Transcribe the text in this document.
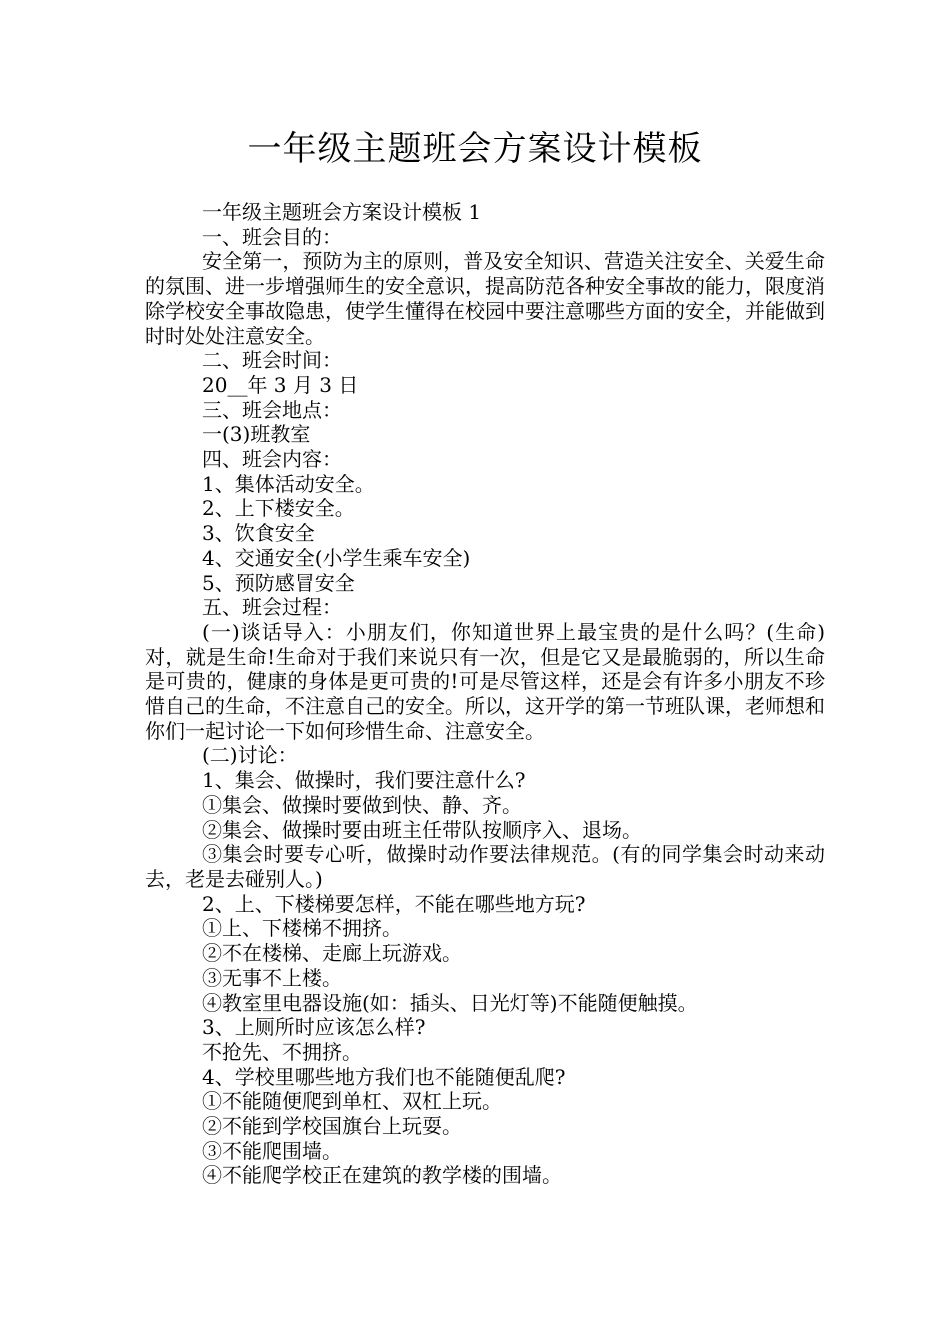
一年级主题班会方案设计模板

一年级主题班会方案设计模板 1

一、班会目的：

安全第一，预防为主的原则，普及安全知识、营造关注安全、关爱生命的氛围、进一步增强师生的安全意识，提高防范各种安全事故的能力，限度消除学校安全事故隐患，使学生懂得在校园中要注意哪些方面的安全，并能做到时时处处注意安全。

二、班会时间：

20__年 3 月 3 日

三、班会地点：

一(3)班教室

四、班会内容：

1、集体活动安全。

2、上下楼安全。

3、饮食安全

4、交通安全(小学生乘车安全)

5、预防感冒安全

五、班会过程：

(一)谈话导入：小朋友们，你知道世界上最宝贵的是什么吗？(生命)对，就是生命!生命对于我们来说只有一次，但是它又是最脆弱的，所以生命是可贵的，健康的身体是更可贵的!可是尽管这样，还是会有许多小朋友不珍惜自己的生命，不注意自己的安全。所以，这开学的第一节班队课，老师想和你们一起讨论一下如何珍惜生命、注意安全。

(二)讨论：

1、集会、做操时，我们要注意什么?

①集会、做操时要做到快、静、齐。

②集会、做操时要由班主任带队按顺序入、退场。

③集会时要专心听，做操时动作要法律规范。(有的同学集会时动来动去，老是去碰别人。)

2、上、下楼梯要怎样，不能在哪些地方玩?

①上、下楼梯不拥挤。

②不在楼梯、走廊上玩游戏。

③无事不上楼。

④教室里电器设施(如：插头、日光灯等)不能随便触摸。

3、上厕所时应该怎么样?

不抢先、不拥挤。

4、学校里哪些地方我们也不能随便乱爬?

①不能随便爬到单杠、双杠上玩。

②不能到学校国旗台上玩耍。

③不能爬围墙。

④不能爬学校正在建筑的教学楼的围墙。
